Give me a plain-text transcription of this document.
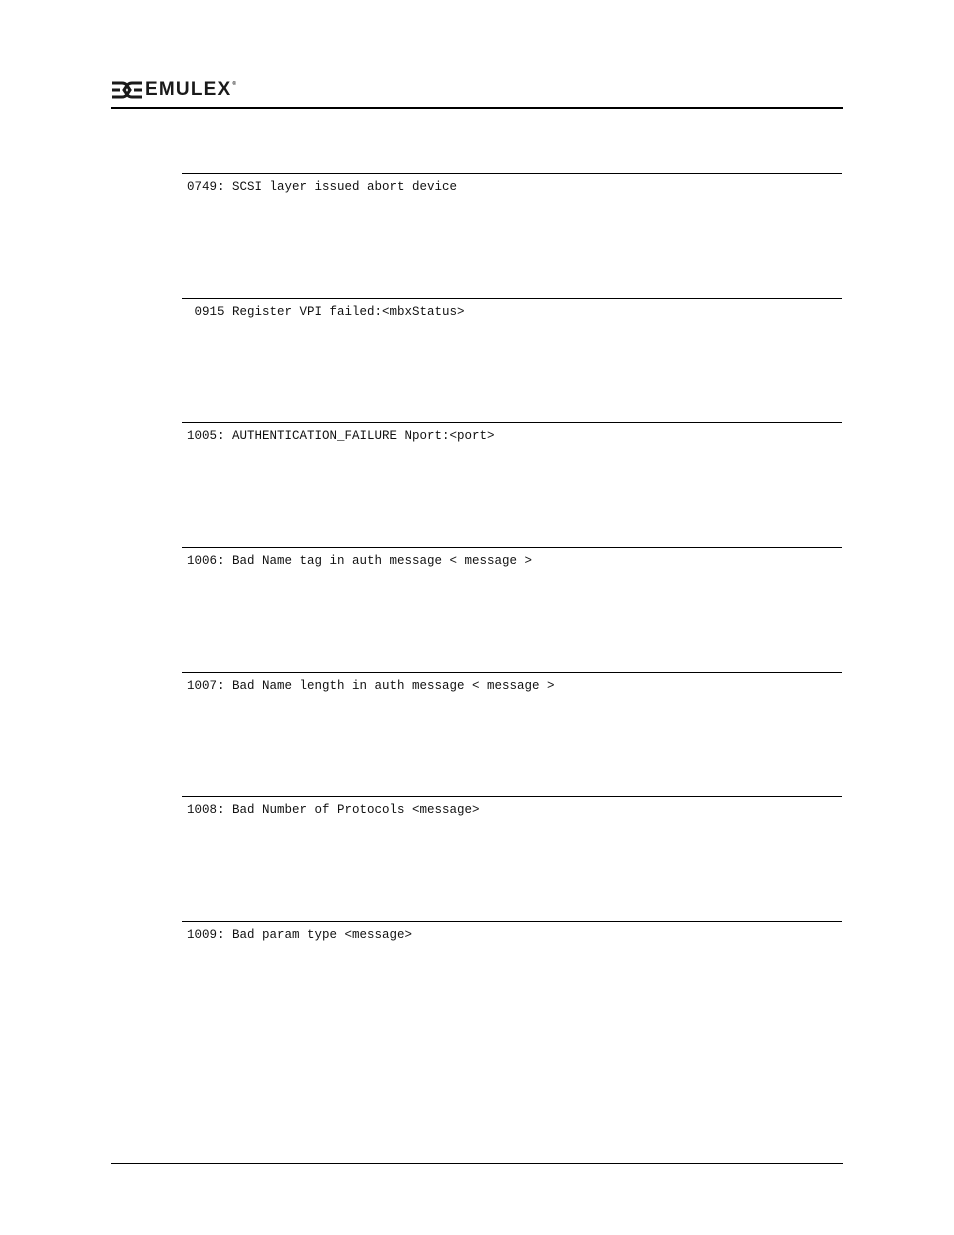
EMULEX®
0749: SCSI layer issued abort device
0915 Register VPI failed:<mbxStatus>
1005: AUTHENTICATION_FAILURE Nport:<port>
1006: Bad Name tag in auth message < message >
1007: Bad Name length in auth message < message >
1008: Bad Number of Protocols <message>
1009: Bad param type <message>
